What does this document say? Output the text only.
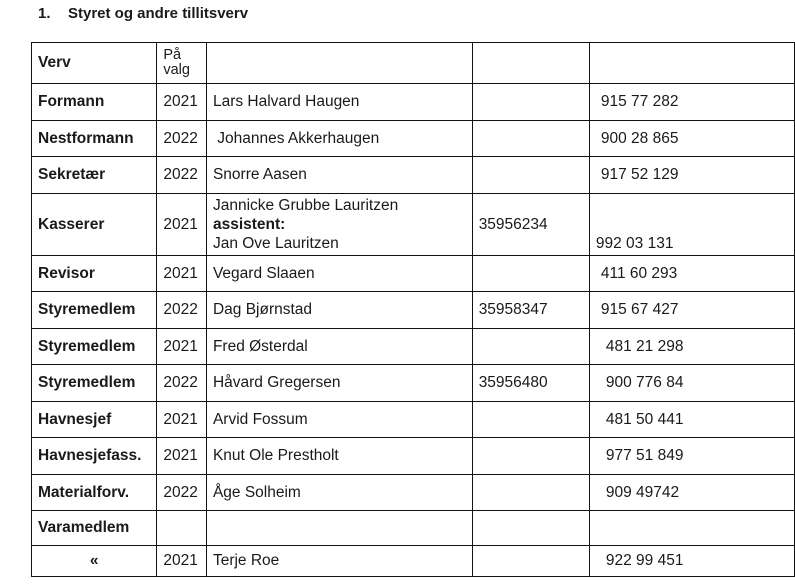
1. Styret og andre tillitsverv
Verv	På
valg			

Formann	2021	Lars Halvard Haugen		915 77 282
Nestformann	2022	Johannes Akkerhaugen		900 28 865
Sekretær	2022	Snorre Aasen		917 52 129
Kasserer	2021	Jannicke Grubbe Lauritzen
assistent:
Jan Ove Lauritzen	35956234	992 03 131
Revisor	2021	Vegard Slaaen		411 60 293
Styremedlem	2022	Dag Bjørnstad	35958347	915 67 427
Styremedlem	2021	Fred Østerdal		481 21 298
Styremedlem	2022	Håvard Gregersen	35956480	900 776 84
Havnesjef	2021	Arvid Fossum		481 50 441
Havnesjefass.	2021	Knut Ole Prestholt		977 51 849
Materialforv.	2022	Åge Solheim		909 49742
Varamedlem				

«	2021	Terje Roe		922 99 451
